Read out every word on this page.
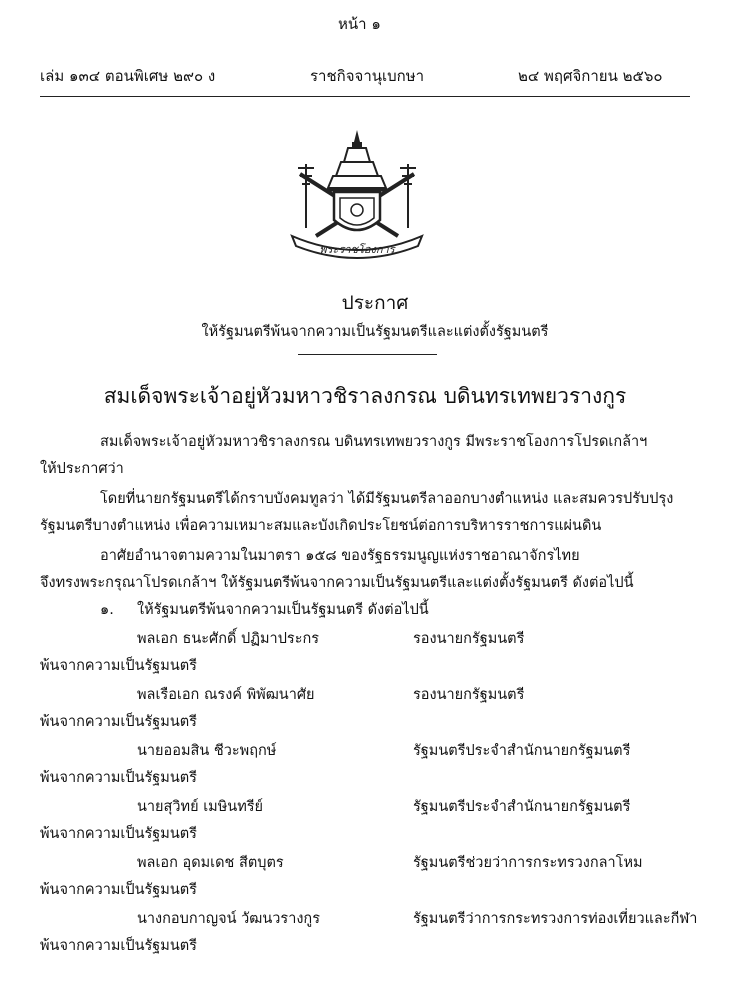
หน้า ๑
เล่ม ๑๓๔ ตอนพิเศษ ๒๙๐ ง	ราชกิจจานุเบกษา	๒๔ พฤศจิกายน ๒๕๖๐
พระราชโองการ
ประกาศ
ให้รัฐมนตรีพ้นจากความเป็นรัฐมนตรีและแต่งตั้งรัฐมนตรี
สมเด็จพระเจ้าอยู่หัวมหาวชิราลงกรณ บดินทรเทพยวรางกูร
สมเด็จพระเจ้าอยู่หัวมหาวชิราลงกรณ บดินทรเทพยวรางกูร มีพระราชโองการโปรดเกล้าฯ
ให้ประกาศว่า
โดยที่นายกรัฐมนตรีได้กราบบังคมทูลว่า ได้มีรัฐมนตรีลาออกบางตำแหน่ง และสมควรปรับปรุง
รัฐมนตรีบางตำแหน่ง เพื่อความเหมาะสมและบังเกิดประโยชน์ต่อการบริหารราชการแผ่นดิน
อาศัยอำนาจตามความในมาตรา ๑๕๘ ของรัฐธรรมนูญแห่งราชอาณาจักรไทย
จึงทรงพระกรุณาโปรดเกล้าฯ ให้รัฐมนตรีพ้นจากความเป็นรัฐมนตรีและแต่งตั้งรัฐมนตรี ดังต่อไปนี้
๑. ให้รัฐมนตรีพ้นจากความเป็นรัฐมนตรี ดังต่อไปนี้
พลเอก ธนะศักดิ์ ปฏิมาประกร	รองนายกรัฐมนตรี
พ้นจากความเป็นรัฐมนตรี
พลเรือเอก ณรงค์ พิพัฒนาศัย	รองนายกรัฐมนตรี
พ้นจากความเป็นรัฐมนตรี
นายออมสิน ชีวะพฤกษ์	รัฐมนตรีประจำสำนักนายกรัฐมนตรี
พ้นจากความเป็นรัฐมนตรี
นายสุวิทย์ เมษินทรีย์	รัฐมนตรีประจำสำนักนายกรัฐมนตรี
พ้นจากความเป็นรัฐมนตรี
พลเอก อุดมเดช สีตบุตร	รัฐมนตรีช่วยว่าการกระทรวงกลาโหม
พ้นจากความเป็นรัฐมนตรี
นางกอบกาญจน์ วัฒนวรางกูร	รัฐมนตรีว่าการกระทรวงการท่องเที่ยวและกีฬา
พ้นจากความเป็นรัฐมนตรี
